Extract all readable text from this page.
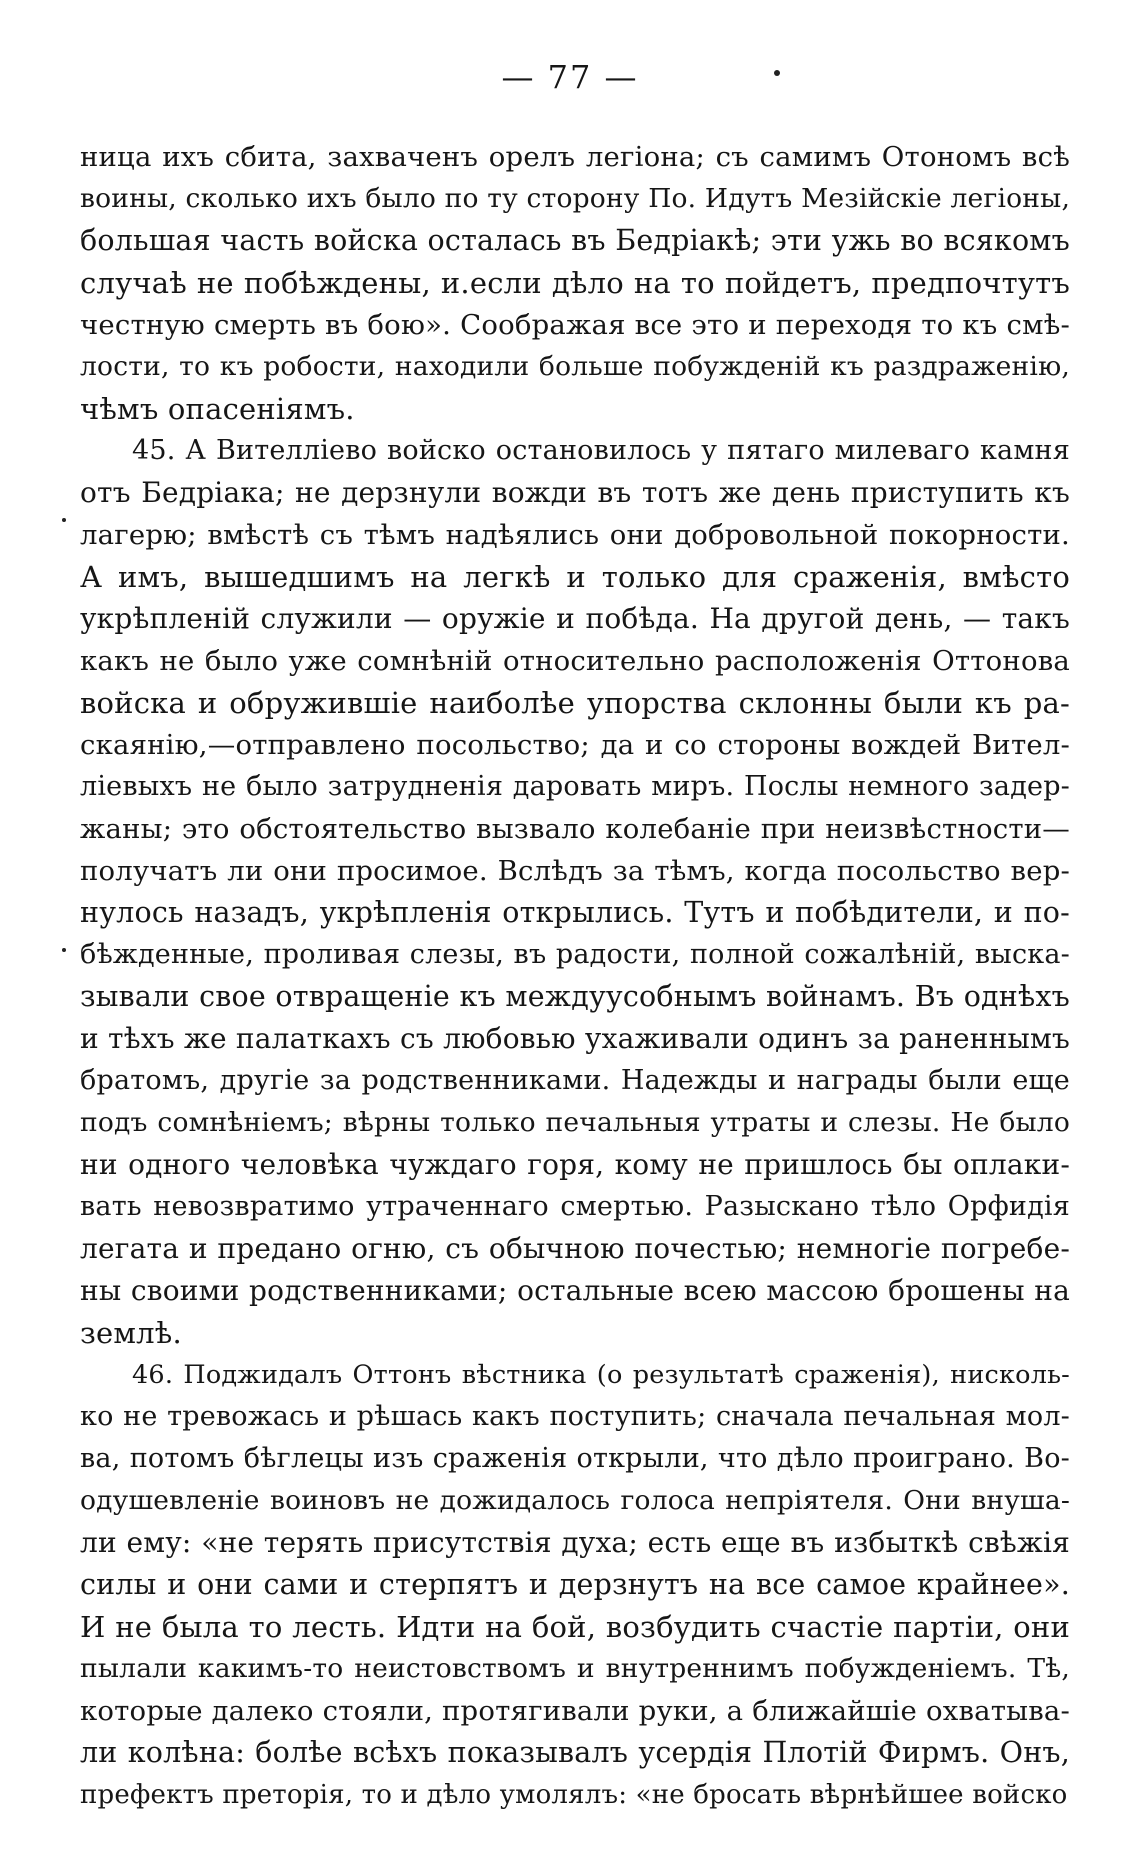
— 77 —
ница ихъ сбита, захваченъ орелъ легіона; съ самимъ Отономъ всѣ
воины, сколько ихъ было по ту сторону По. Идутъ Мезійскіе легіоны,
большая часть войска осталась въ Бедріакѣ; эти ужь во всякомъ
случаѣ не побѣждены, и.если дѣло на то пойдетъ, предпочтутъ
честную смерть въ бою». Соображая все это и переходя то къ смѣ-
лости, то къ робости, находили больше побужденій къ раздраженію,
чѣмъ опасеніямъ.
45. А Вителліево войско остановилось у пятаго милеваго камня
отъ Бедріака; не дерзнули вожди въ тотъ же день приступить къ
лагерю; вмѣстѣ съ тѣмъ надѣялись они добровольной покорности.
А имъ, вышедшимъ на легкѣ и только для сраженія, вмѣсто
укрѣпленій служили — оружіе и побѣда. На другой день, — такъ
какъ не было уже сомнѣній относительно расположенія Оттонова
войска и обружившіе наиболѣе упорства склонны были къ ра-
скаянію,—отправлено посольство; да и со стороны вождей Вител-
ліевыхъ не было затрудненія даровать миръ. Послы немного задер-
жаны; это обстоятельство вызвало колебаніе при неизвѣстности—
получатъ ли они просимое. Вслѣдъ за тѣмъ, когда посольство вер-
нулось назадъ, укрѣпленія открылись. Тутъ и побѣдители, и по-
бѣжденные, проливая слезы, въ радости, полной сожалѣній, выска-
зывали свое отвращеніе къ междуусобнымъ войнамъ. Въ однѣхъ
и тѣхъ же палаткахъ съ любовью ухаживали одинъ за раненнымъ
братомъ, другіе за родственниками. Надежды и награды были еще
подъ сомнѣніемъ; вѣрны только печальныя утраты и слезы. Не было
ни одного человѣка чуждаго горя, кому не пришлось бы оплаки-
вать невозвратимо утраченнаго смертью. Разыскано тѣло Орфидія
легата и предано огню, съ обычною почестью; немногіе погребе-
ны своими родственниками; остальные всею массою брошены на
землѣ.
46. Поджидалъ Оттонъ вѣстника (о результатѣ сраженія), нисколь-
ко не тревожась и рѣшась какъ поступить; сначала печальная мол-
ва, потомъ бѣглецы изъ сраженія открыли, что дѣло проиграно. Во-
одушевленіе воиновъ не дожидалось голоса непріятеля. Они внуша-
ли ему: «не терять присутствія духа; есть еще въ избыткѣ свѣжія
силы и они сами и стерпятъ и дерзнутъ на все самое крайнее».
И не была то лесть. Идти на бой, возбудить счастіе партіи, они
пылали какимъ-то неистовствомъ и внутреннимъ побужденіемъ. Тѣ,
которые далеко стояли, протягивали руки, а ближайшіе охватыва-
ли колѣна: болѣе всѣхъ показывалъ усердія Плотій Фирмъ. Онъ,
префектъ преторія, то и дѣло умолялъ: «не бросать вѣрнѣйшее войско
